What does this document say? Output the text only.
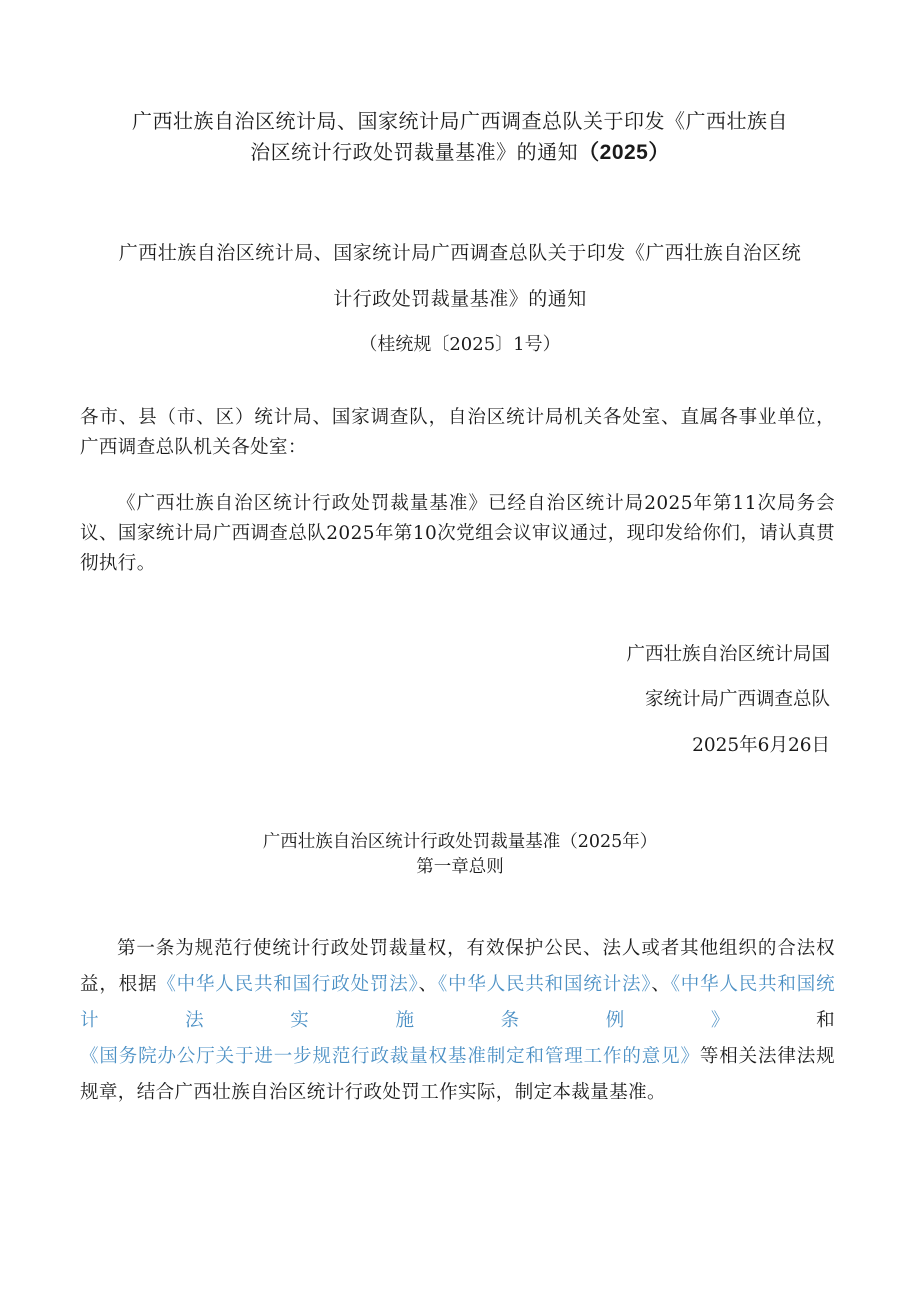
广西壮族自治区统计局、国家统计局广西调查总队关于印发《广西壮族自
治区统计行政处罚裁量基准》的通知（2025）
广西壮族自治区统计局、国家统计局广西调查总队关于印发《广西壮族自治区统
计行政处罚裁量基准》的通知
（桂统规〔2025〕1号）
各市、县（市、区）统计局、国家调查队，自治区统计局机关各处室、直属各事业单位，广西调查总队机关各处室：
《广西壮族自治区统计行政处罚裁量基准》已经自治区统计局2025年第11次局务会议、国家统计局广西调查总队2025年第10次党组会议审议通过，现印发给你们，请认真贯彻执行。
广西壮族自治区统计局国
家统计局广西调查总队
2025年6月26日
广西壮族自治区统计行政处罚裁量基准（2025年）
第一章总则
第一条为规范行使统计行政处罚裁量权，有效保护公民、法人或者其他组织的合法权益，根据《中华人民共和国行政处罚法》、《中华人民共和国统计法》、《中华人民共和国统计法实施条例》和《国务院办公厅关于进一步规范行政裁量权基准制定和管理工作的意见》等相关法律法规规章，结合广西壮族自治区统计行政处罚工作实际，制定本裁量基准。
